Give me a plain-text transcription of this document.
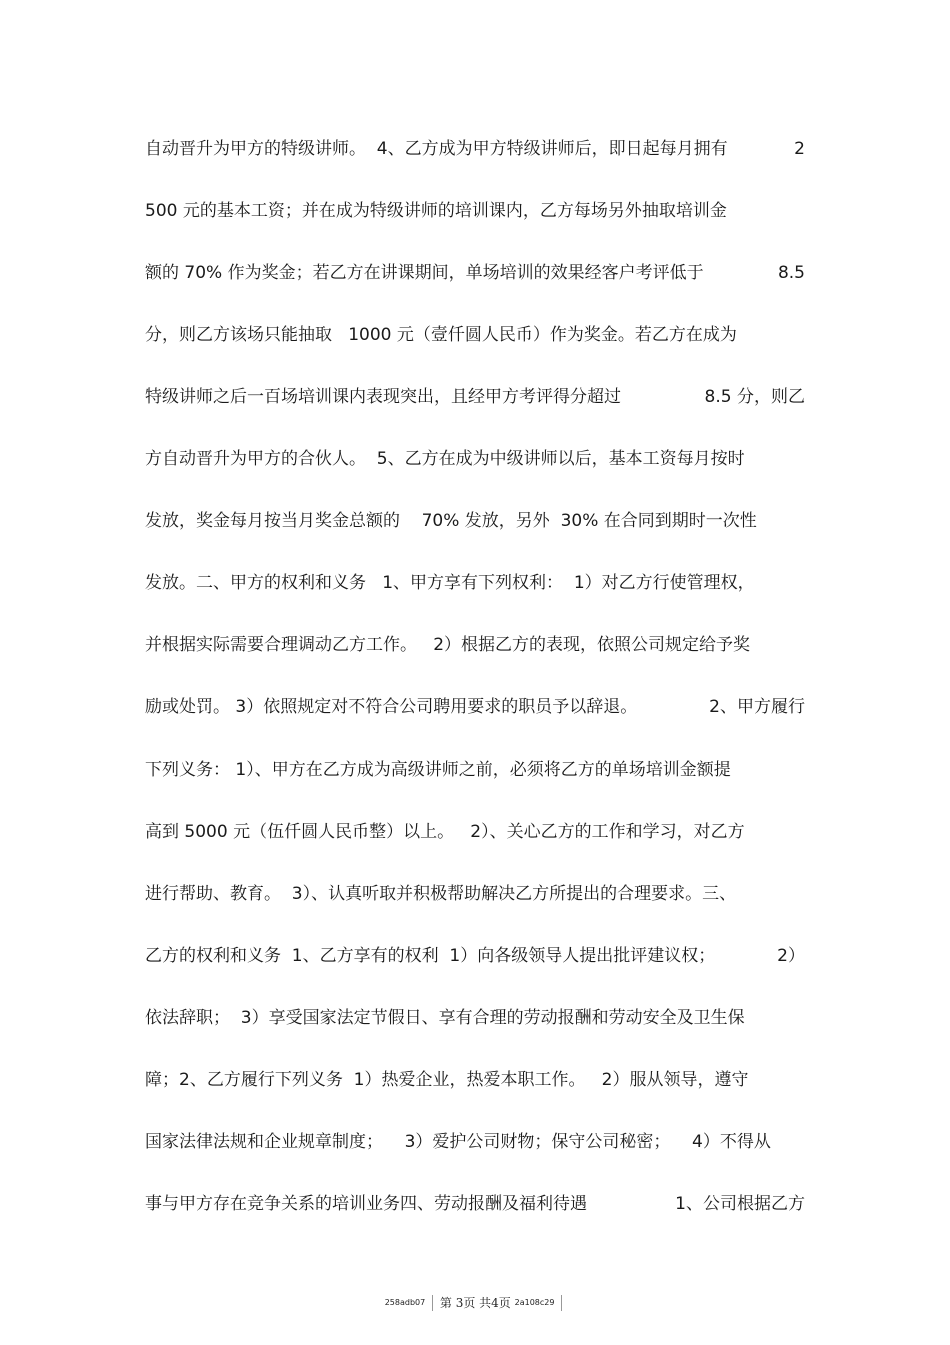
自动晋升为甲方的特级讲师。  4、乙方成为甲方特级讲师后，即日起每月拥有	2
500 元的基本工资；并在成为特级讲师的培训课内，乙方每场另外抽取培训金
额的 70% 作为奖金；若乙方在讲课期间，单场培训的效果经客户考评低于	8.5
分，则乙方该场只能抽取   1000 元（壹仟圆人民币）作为奖金。若乙方在成为
特级讲师之后一百场培训课内表现突出，且经甲方考评得分超过	8.5 分，则乙
方自动晋升为甲方的合伙人。  5、乙方在成为中级讲师以后，基本工资每月按时
发放，奖金每月按当月奖金总额的    70% 发放，另外  30% 在合同到期时一次性
发放。二、甲方的权利和义务   1、甲方享有下列权利：  1）对乙方行使管理权，
并根据实际需要合理调动乙方工作。   2）根据乙方的表现，依照公司规定给予奖
励或处罚。 3）依照规定对不符合公司聘用要求的职员予以辞退。	2、甲方履行
下列义务： 1）、甲方在乙方成为高级讲师之前，必须将乙方的单场培训金额提
高到 5000 元（伍仟圆人民币整）以上。   2）、关心乙方的工作和学习，对乙方
进行帮助、教育。  3）、认真听取并积极帮助解决乙方所提出的合理要求。三、
乙方的权利和义务  1、乙方享有的权利  1）向各级领导人提出批评建议权；	2）
依法辞职；  3）享受国家法定节假日、享有合理的劳动报酬和劳动安全及卫生保
障；2、乙方履行下列义务  1）热爱企业，热爱本职工作。   2）服从领导，遵守
国家法律法规和企业规章制度；    3）爱护公司财物；保守公司秘密；    4）不得从
事与甲方存在竞争关系的培训业务四、劳动报酬及福利待遇	1、公司根据乙方
258adb07 第 3页 共4页 2a108c29
